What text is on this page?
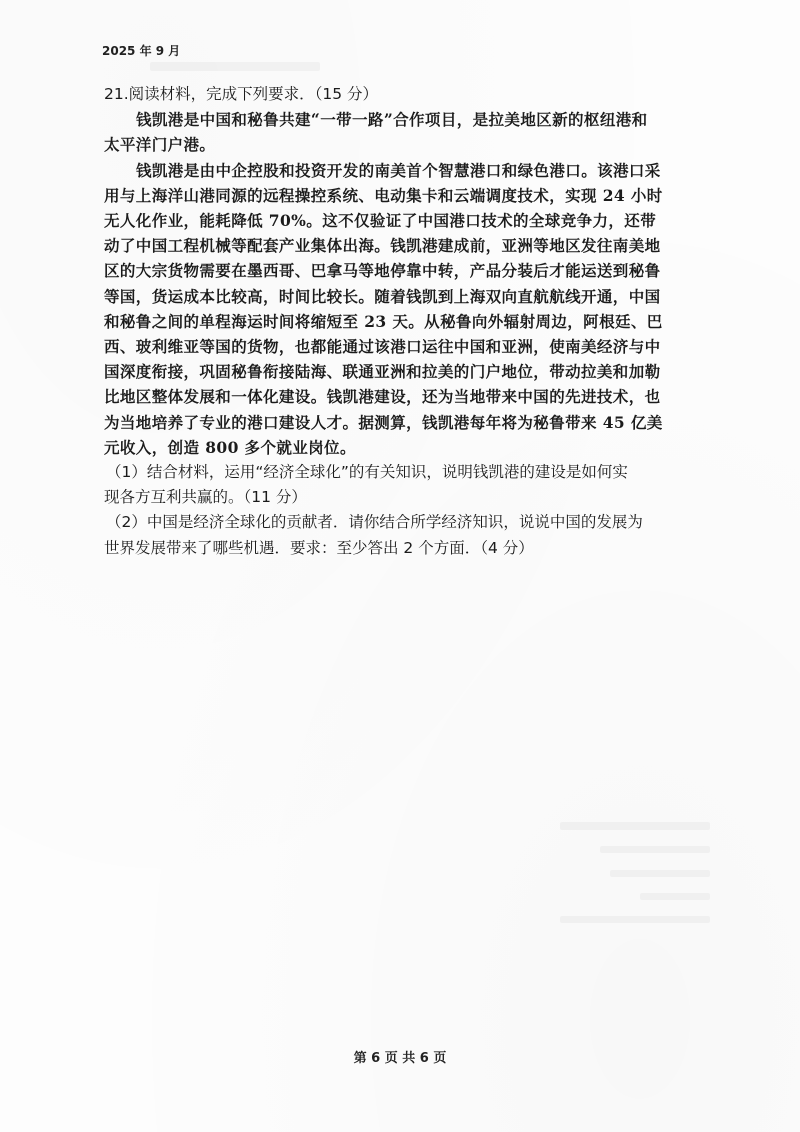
2025 年 9 月
21.阅读材料，完成下列要求．（15 分）
钱凯港是中国和秘鲁共建“一带一路”合作项目，是拉美地区新的枢纽港和
太平洋门户港。
钱凯港是由中企控股和投资开发的南美首个智慧港口和绿色港口。该港口采
用与上海洋山港同源的远程操控系统、电动集卡和云端调度技术，实现 24 小时
无人化作业，能耗降低 70%。这不仅验证了中国港口技术的全球竞争力，还带
动了中国工程机械等配套产业集体出海。钱凯港建成前，亚洲等地区发往南美地
区的大宗货物需要在墨西哥、巴拿马等地停靠中转，产品分装后才能运送到秘鲁
等国，货运成本比较高，时间比较长。随着钱凯到上海双向直航航线开通，中国
和秘鲁之间的单程海运时间将缩短至 23 天。从秘鲁向外辐射周边，阿根廷、巴
西、玻利维亚等国的货物，也都能通过该港口运往中国和亚洲，使南美经济与中
国深度衔接，巩固秘鲁衔接陆海、联通亚洲和拉美的门户地位，带动拉美和加勒
比地区整体发展和一体化建设。钱凯港建设，还为当地带来中国的先进技术，也
为当地培养了专业的港口建设人才。据测算，钱凯港每年将为秘鲁带来 45 亿美
元收入，创造 800 多个就业岗位。
（1）结合材料，运用“经济全球化”的有关知识，说明钱凯港的建设是如何实
现各方互利共赢的。（11 分）
（2）中国是经济全球化的贡献者．请你结合所学经济知识，说说中国的发展为
世界发展带来了哪些机遇．要求：至少答出 2 个方面．（4 分）
第 6 页 共 6 页
